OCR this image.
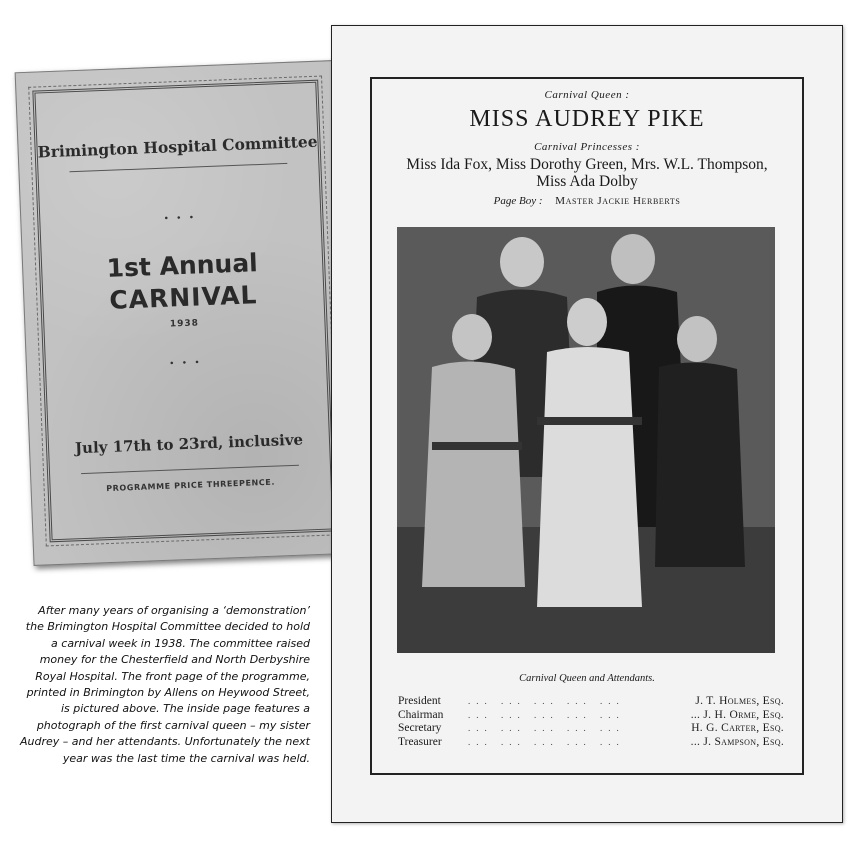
Brimington Hospital Committee
• • •
1st Annual
CARNIVAL
1938
• • •
July 17th to 23rd, inclusive
PROGRAMME PRICE THREEPENCE.
After many years of organising a ‘demonstration’ the Brimington Hospital Committee decided to hold a carnival week in 1938. The committee raised money for the Chesterfield and North Derbyshire Royal Hospital. The front page of the programme, printed in Brimington by Allens on Heywood Street, is pictured above. The inside page features a photograph of the first carnival queen – my sister Audrey – and her attendants. Unfortunately the next year was the last time the carnival was held.
Carnival Queen :
MISS AUDREY PIKE
Carnival Princesses :
Miss Ida Fox, Miss Dorothy Green, Mrs. W.L. Thompson,
Miss Ada Dolby
Page Boy : Master Jackie Herberts
Carnival Queen and Attendants.
President	... ... ... ... ...	J. T. Holmes, Esq.
Chairman	... ... ... ... ...	... J. H. Orme, Esq.
Secretary	... ... ... ... ...	H. G. Carter, Esq.
Treasurer	... ... ... ... ...	... J. Sampson, Esq.
